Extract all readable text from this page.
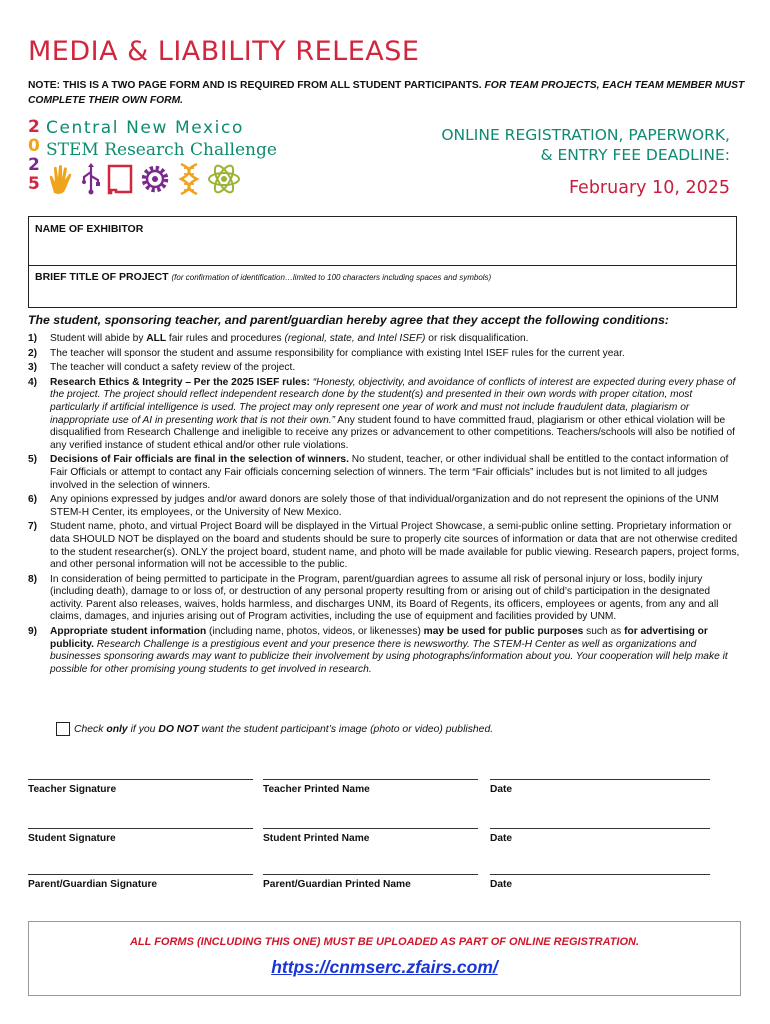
MEDIA & LIABILITY RELEASE
NOTE: THIS IS A TWO PAGE FORM AND IS REQUIRED FROM ALL STUDENT PARTICIPANTS. FOR TEAM PROJECTS, EACH TEAM MEMBER MUST COMPLETE THEIR OWN FORM.
2
0
2
5
Central New Mexico
STEM Research Challenge
ONLINE REGISTRATION, PAPERWORK,
& ENTRY FEE DEADLINE:
February 10, 2025
NAME OF EXHIBITOR
BRIEF TITLE OF PROJECT (for confirmation of identification…limited to 100 characters including spaces and symbols)
The student, sponsoring teacher, and parent/guardian hereby agree that they accept the following conditions:
1) Student will abide by ALL fair rules and procedures (regional, state, and Intel ISEF) or risk disqualification.
2) The teacher will sponsor the student and assume responsibility for compliance with existing Intel ISEF rules for the current year.
3) The teacher will conduct a safety review of the project.
4) Research Ethics & Integrity – Per the 2025 ISEF rules: “Honesty, objectivity, and avoidance of conflicts of interest are expected during every phase of the project. The project should reflect independent research done by the student(s) and presented in their own words with proper citation, most particularly if artificial intelligence is used. The project may only represent one year of work and must not include fraudulent data, plagiarism or inappropriate use of AI in presenting work that is not their own.” Any student found to have committed fraud, plagiarism or other ethical violation will be disqualified from Research Challenge and ineligible to receive any prizes or advancement to other competitions. Teachers/schools will also be notified of any verified instance of student ethical and/or other rule violations.
5) Decisions of Fair officials are final in the selection of winners. No student, teacher, or other individual shall be entitled to the contact information of Fair Officials or attempt to contact any Fair officials concerning selection of winners. The term “Fair officials” includes but is not limited to all judges involved in the selection of winners.
6) Any opinions expressed by judges and/or award donors are solely those of that individual/organization and do not represent the opinions of the UNM STEM-H Center, its employees, or the University of New Mexico.
7) Student name, photo, and virtual Project Board will be displayed in the Virtual Project Showcase, a semi-public online setting. Proprietary information or data SHOULD NOT be displayed on the board and students should be sure to properly cite sources of information or data that are not otherwise credited to the student researcher(s). ONLY the project board, student name, and photo will be made available for public viewing. Research papers, project forms, and other personal information will not be accessible to the public.
8) In consideration of being permitted to participate in the Program, parent/guardian agrees to assume all risk of personal injury or loss, bodily injury (including death), damage to or loss of, or destruction of any personal property resulting from or arising out of child’s participation in the designated activity. Parent also releases, waives, holds harmless, and discharges UNM, its Board of Regents, its officers, employees or agents, from any and all claims, damages, and injuries arising out of Program activities, including the use of equipment and facilities provided by UNM.
9) Appropriate student information (including name, photos, videos, or likenesses) may be used for public purposes such as for advertising or publicity. Research Challenge is a prestigious event and your presence there is newsworthy. The STEM-H Center as well as organizations and businesses sponsoring awards may want to publicize their involvement by using photographs/information about you. Your cooperation will help make it possible for other promising young students to get involved in research.
Check only if you DO NOT want the student participant’s image (photo or video) published.
Teacher Signature	Teacher Printed Name	Date
Student Signature	Student Printed Name	Date
Parent/Guardian Signature	Parent/Guardian Printed Name	Date
ALL FORMS (INCLUDING THIS ONE) MUST BE UPLOADED AS PART OF ONLINE REGISTRATION.
https://cnmserc.zfairs.com/
